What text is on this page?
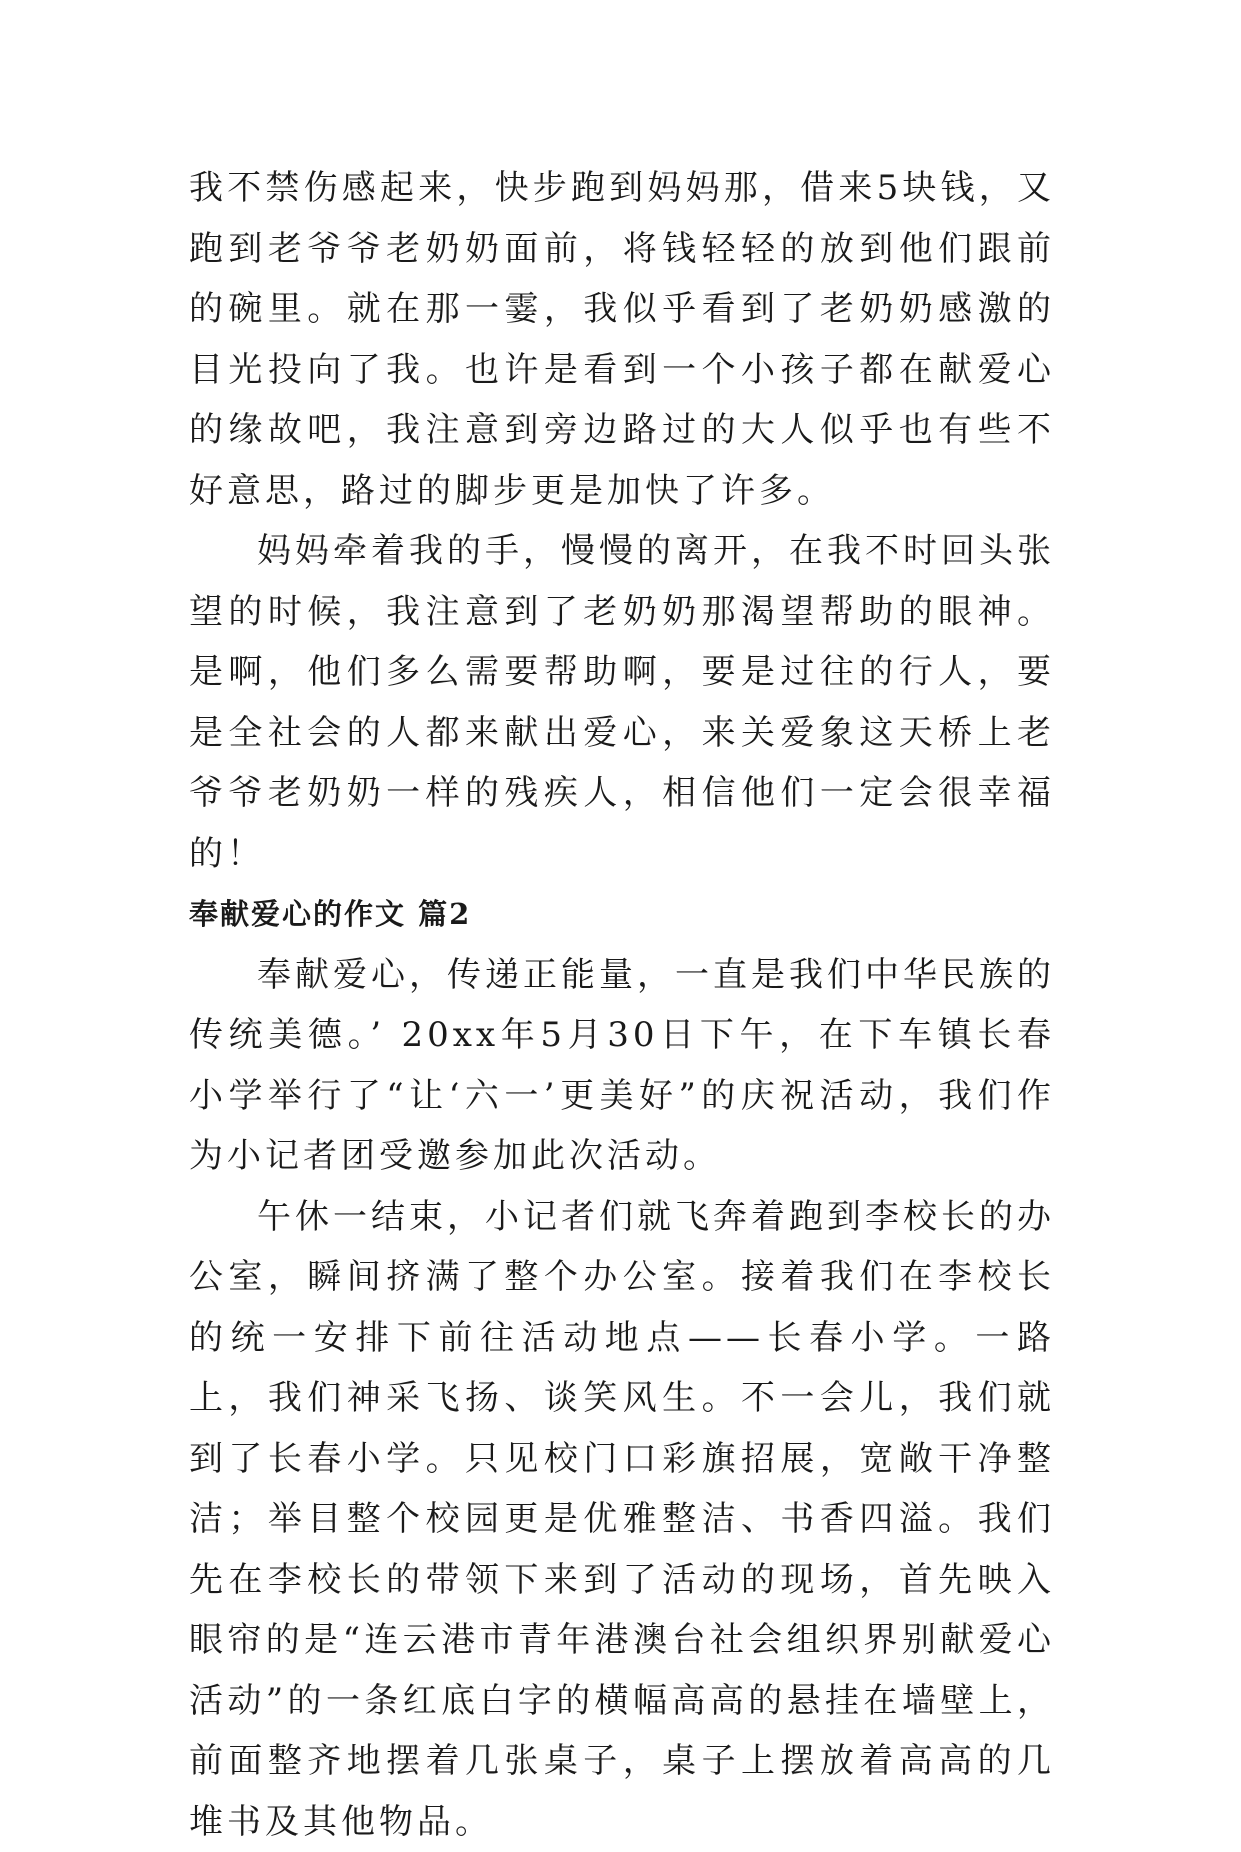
我不禁伤感起来，快步跑到妈妈那，借来5块钱，又跑到老爷爷老奶奶面前，将钱轻轻的放到他们跟前的碗里。就在那一霎，我似乎看到了老奶奶感激的目光投向了我。也许是看到一个小孩子都在献爱心的缘故吧，我注意到旁边路过的大人似乎也有些不好意思，路过的脚步更是加快了许多。

妈妈牵着我的手，慢慢的离开，在我不时回头张望的时候，我注意到了老奶奶那渴望帮助的眼神。是啊，他们多么需要帮助啊，要是过往的行人，要是全社会的人都来献出爱心，来关爱象这天桥上老爷爷老奶奶一样的残疾人，相信他们一定会很幸福的！

奉献爱心的作文 篇2

奉献爱心，传递正能量，一直是我们中华民族的传统美德。’ 20xx年5月30日下午，在下车镇长春小学举行了“让‘六一’更美好”的庆祝活动，我们作为小记者团受邀参加此次活动。

午休一结束，小记者们就飞奔着跑到李校长的办公室，瞬间挤满了整个办公室。接着我们在李校长的统一安排下前往活动地点——长春小学。一路上，我们神采飞扬、谈笑风生。不一会儿，我们就到了长春小学。只见校门口彩旗招展，宽敞干净整洁；举目整个校园更是优雅整洁、书香四溢。我们先在李校长的带领下来到了活动的现场，首先映入眼帘的是“连云港市青年港澳台社会组织界别献爱心活动”的一条红底白字的横幅高高的悬挂在墙壁上，前面整齐地摆着几张桌子，桌子上摆放着高高的几堆书及其他物品。
